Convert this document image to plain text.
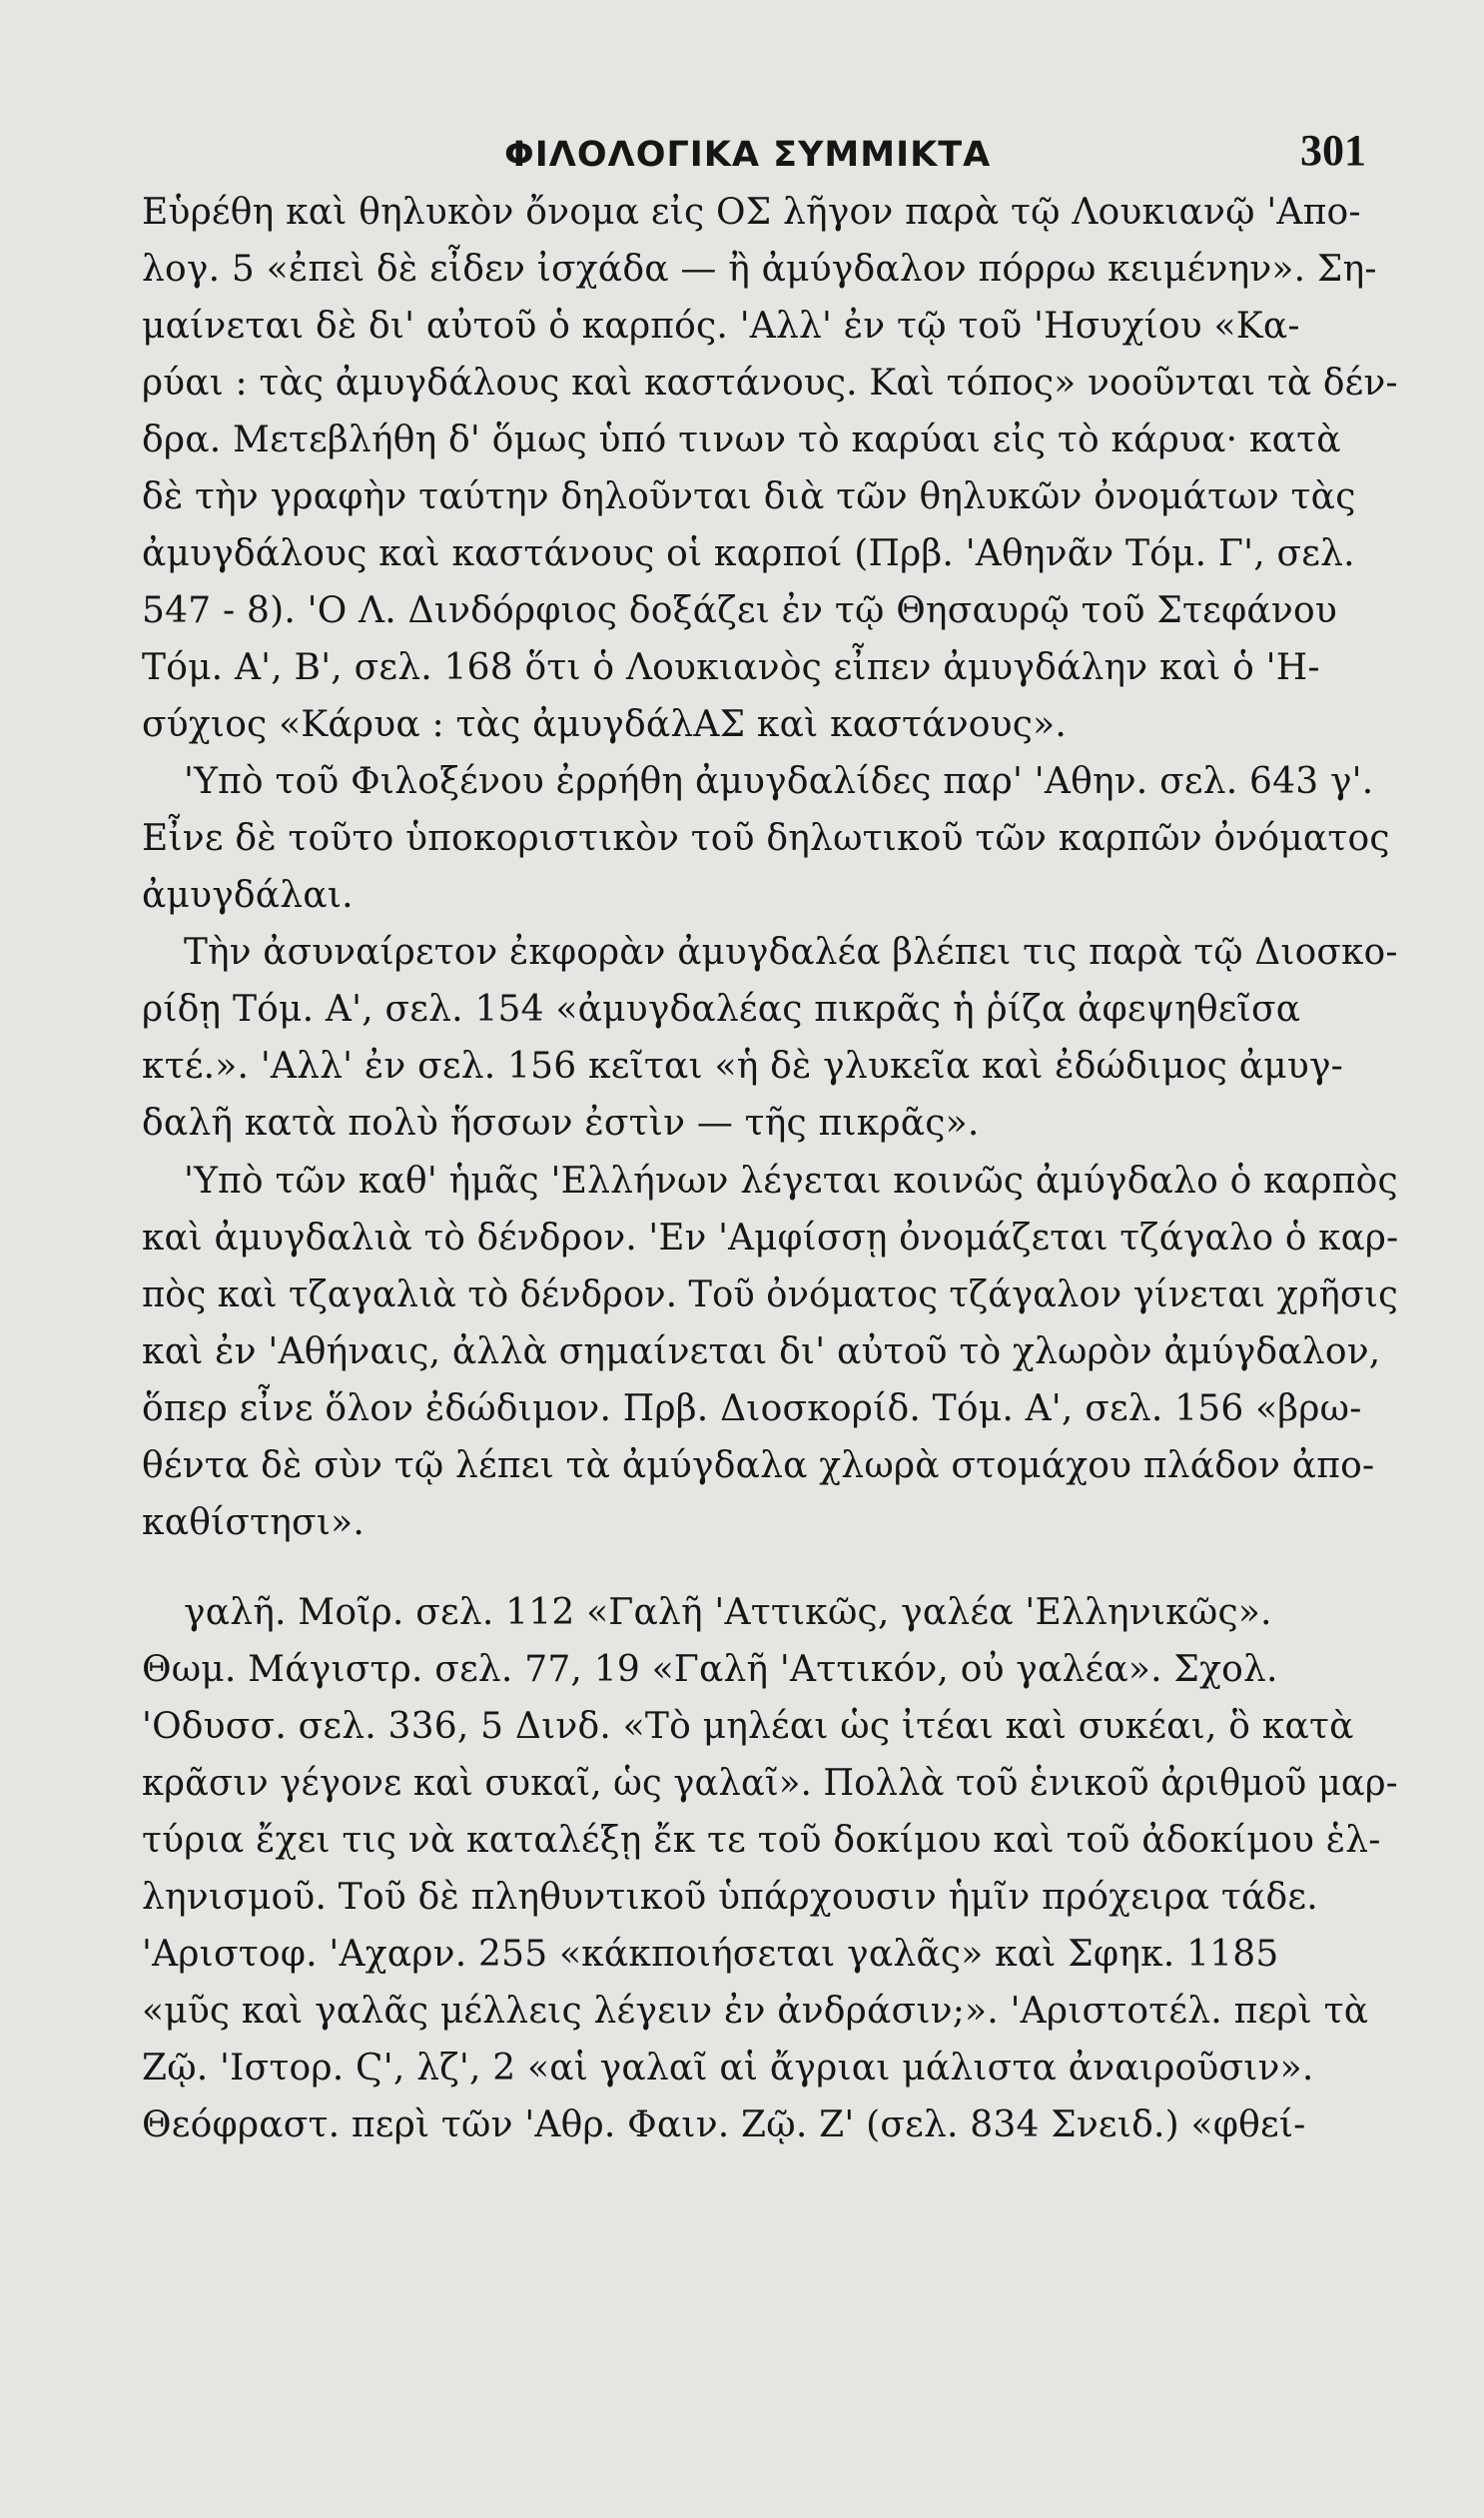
ΦΙΛΟΛΟΓΙΚΑ ΣΥΜΜΙΚΤΑ	301
Εὑρέθη καὶ θηλυκὸν ὄνομα εἰς ΟΣ λῆγον παρὰ τῷ Λουκιανῷ 'Απο-
λογ. 5 «ἐπεὶ δὲ εἶδεν ἰσχάδα — ἢ ἀμύγδαλον πόρρω κειμένην». Ση-
μαίνεται δὲ δι' αὐτοῦ ὁ καρπός. 'Αλλ' ἐν τῷ τοῦ 'Ησυχίου «Κα-
ρύαι : τὰς ἀμυγδάλους καὶ καστάνους. Καὶ τόπος» νοοῦνται τὰ δέν-
δρα. Μετεβλήθη δ' ὅμως ὑπό τινων τὸ καρύαι εἰς τὸ κάρυα· κατὰ
δὲ τὴν γραφὴν ταύτην δηλοῦνται διὰ τῶν θηλυκῶν ὀνομάτων τὰς
ἀμυγδάλους καὶ καστάνους οἱ καρποί (Πρβ. 'Αθηνᾶν Τόμ. Γ', σελ.
547 - 8). 'Ο Λ. Δινδόρφιος δοξάζει ἐν τῷ Θησαυρῷ τοῦ Στεφάνου
Τόμ. Α', Β', σελ. 168 ὅτι ὁ Λουκιανὸς εἶπεν ἀμυγδάλην καὶ ὁ 'Η-
σύχιος «Κάρυα : τὰς ἀμυγδάλΑΣ καὶ καστάνους».
'Υπὸ τοῦ Φιλοξένου ἐρρήθη ἀμυγδαλίδες παρ' 'Αθην. σελ. 643 γ'.
Εἶνε δὲ τοῦτο ὑποκοριστικὸν τοῦ δηλωτικοῦ τῶν καρπῶν ὀνόματος
ἀμυγδάλαι.
Τὴν ἀσυναίρετον ἐκφορὰν ἀμυγδαλέα βλέπει τις παρὰ τῷ Διοσκο-
ρίδῃ Τόμ. Α', σελ. 154 «ἀμυγδαλέας πικρᾶς ἡ ῥίζα ἀφεψηθεῖσα
κτέ.». 'Αλλ' ἐν σελ. 156 κεῖται «ἡ δὲ γλυκεῖα καὶ ἐδώδιμος ἀμυγ-
δαλῆ κατὰ πολὺ ἥσσων ἐστὶν — τῆς πικρᾶς».
'Υπὸ τῶν καθ' ἡμᾶς 'Ελλήνων λέγεται κοινῶς ἀμύγδαλο ὁ καρπὸς
καὶ ἀμυγδαλιὰ τὸ δένδρον. 'Εν 'Αμφίσσῃ ὀνομάζεται τζάγαλο ὁ καρ-
πὸς καὶ τζαγαλιὰ τὸ δένδρον. Τοῦ ὀνόματος τζάγαλον γίνεται χρῆσις
καὶ ἐν 'Αθήναις, ἀλλὰ σημαίνεται δι' αὐτοῦ τὸ χλωρὸν ἀμύγδαλον,
ὅπερ εἶνε ὅλον ἐδώδιμον. Πρβ. Διοσκορίδ. Τόμ. Α', σελ. 156 «βρω-
θέντα δὲ σὺν τῷ λέπει τὰ ἀμύγδαλα χλωρὰ στομάχου πλάδον ἀπο-
καθίστησι».
γαλῆ. Μοῖρ. σελ. 112 «Γαλῆ 'Αττικῶς, γαλέα 'Ελληνικῶς».
Θωμ. Μάγιστρ. σελ. 77, 19 «Γαλῆ 'Αττικόν, οὐ γαλέα». Σχολ.
'Οδυσσ. σελ. 336, 5 Δινδ. «Τὸ μηλέαι ὡς ἰτέαι καὶ συκέαι, ὃ κατὰ
κρᾶσιν γέγονε καὶ συκαῖ, ὡς γαλαῖ». Πολλὰ τοῦ ἑνικοῦ ἀριθμοῦ μαρ-
τύρια ἔχει τις νὰ καταλέξῃ ἔκ τε τοῦ δοκίμου καὶ τοῦ ἀδοκίμου ἑλ-
ληνισμοῦ. Τοῦ δὲ πληθυντικοῦ ὑπάρχουσιν ἡμῖν πρόχειρα τάδε.
'Αριστοφ. 'Αχαρν. 255 «κάκποιήσεται γαλᾶς» καὶ Σφηκ. 1185
«μῦς καὶ γαλᾶς μέλλεις λέγειν ἐν ἀνδράσιν;». 'Αριστοτέλ. περὶ τὰ
Ζῷ. 'Ιστορ. Ϛ', λζ', 2 «αἱ γαλαῖ αἱ ἄγριαι μάλιστα ἀναιροῦσιν».
Θεόφραστ. περὶ τῶν 'Αθρ. Φαιν. Ζῷ. Ζ' (σελ. 834 Σνειδ.) «φθεί-
